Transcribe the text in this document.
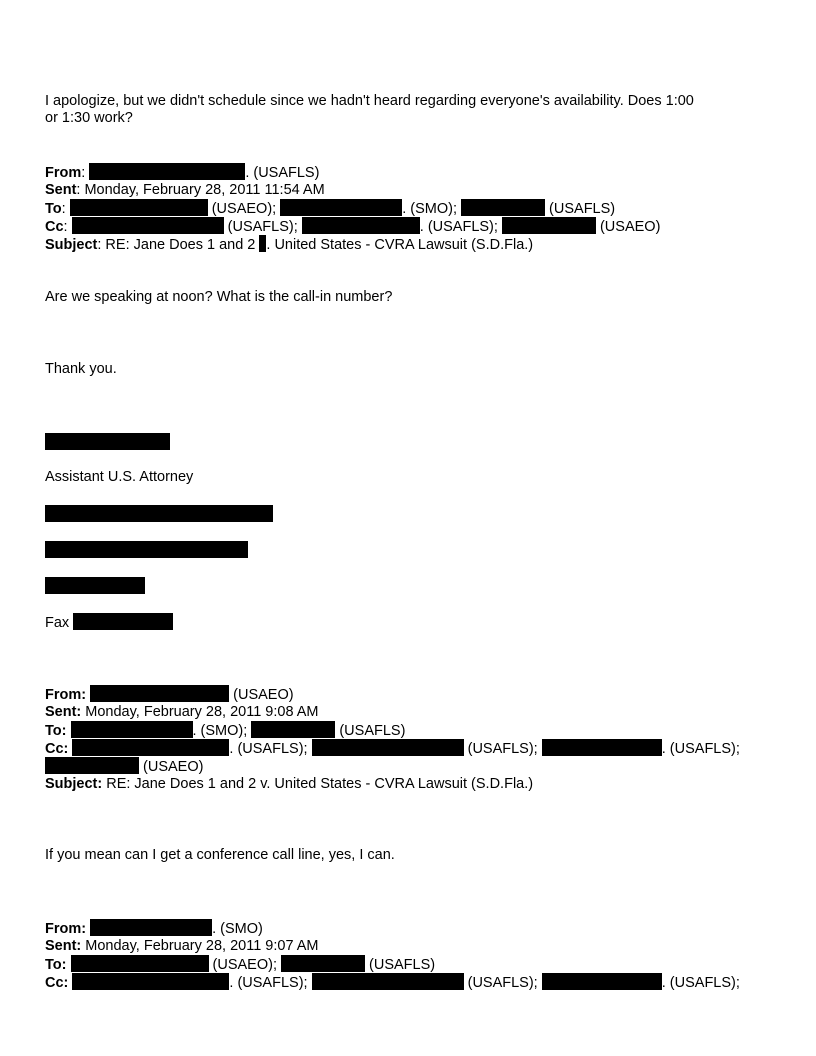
I apologize, but we didn't schedule since we hadn't heard regarding everyone's availability. Does 1:00
or 1:30 work?
From:	. (USAFLS)
Sent: Monday, February 28, 2011 11:54 AM
To:	(USAEO);	. (SMO);	(USAFLS)
Cc:	(USAFLS);	. (USAFLS);	(USAEO)
Subject: RE: Jane Does 1 and 2 . United States - CVRA Lawsuit (S.D.Fla.)
Are we speaking at noon? What is the call-in number?
Thank you.
Assistant U.S. Attorney
Fax
From:	(USAEO)
Sent: Monday, February 28, 2011 9:08 AM
To:	. (SMO);	(USAFLS)
Cc:	. (USAFLS);	(USAFLS);	. (USAFLS);
(USAEO)
Subject: RE: Jane Does 1 and 2 v. United States - CVRA Lawsuit (S.D.Fla.)
If you mean can I get a conference call line, yes, I can.
From:	. (SMO)
Sent: Monday, February 28, 2011 9:07 AM
To:	(USAEO);	(USAFLS)
Cc:	. (USAFLS);	(USAFLS);	. (USAFLS);
